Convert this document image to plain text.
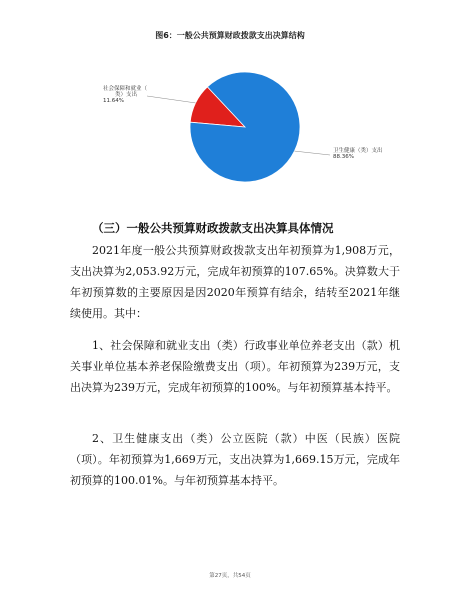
图6：一般公共预算财政拨款支出决算结构
社会保障和就业（
类）支出
11.64%
卫生健康（类）支出
88.36%
（三）一般公共预算财政拨款支出决算具体情况
2021年度一般公共预算财政拨款支出年初预算为1,908万元，支出决算为2,053.92万元，完成年初预算的107.65%。决算数大于年初预算数的主要原因是因2020年预算有结余，结转至2021年继续使用。其中：
1、社会保障和就业支出（类）行政事业单位养老支出（款）机关事业单位基本养老保险缴费支出（项）。年初预算为239万元，支出决算为239万元，完成年初预算的100%。与年初预算基本持平。
2、卫生健康支出（类）公立医院（款）中医（民族）医院（项）。年初预算为1,669万元，支出决算为1,669.15万元，完成年初预算的100.01%。与年初预算基本持平。
第27页，共54页
